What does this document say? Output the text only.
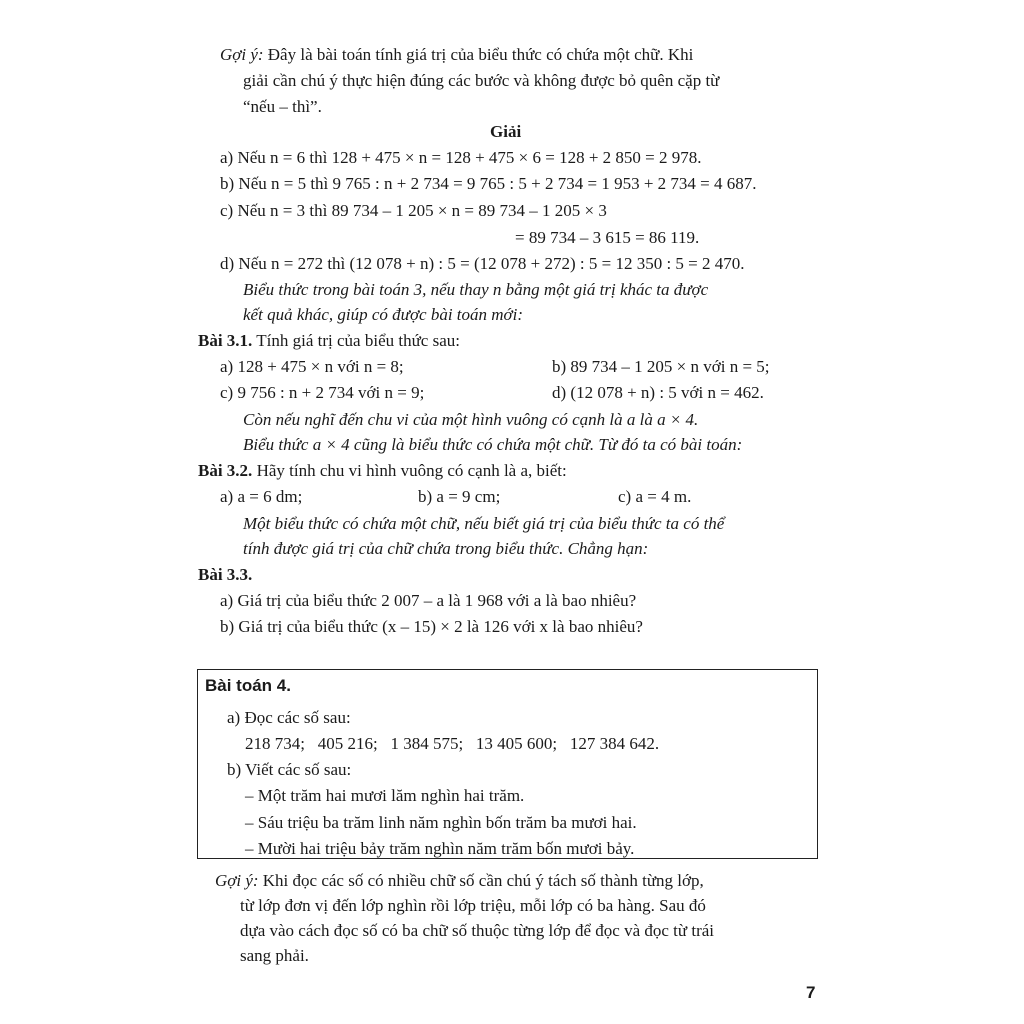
Gợi ý: Đây là bài toán tính giá trị của biểu thức có chứa một chữ. Khi
giải cần chú ý thực hiện đúng các bước và không được bỏ quên cặp từ
“nếu – thì”.
Giải
a) Nếu n = 6 thì 128 + 475 × n = 128 + 475 × 6 = 128 + 2 850 = 2 978.
b) Nếu n = 5 thì 9 765 : n + 2 734 = 9 765 : 5 + 2 734 = 1 953 + 2 734 = 4 687.
c) Nếu n = 3 thì 89 734 – 1 205 × n = 89 734 – 1 205 × 3
= 89 734 – 3 615 = 86 119.
d) Nếu n = 272 thì (12 078 + n) : 5 = (12 078 + 272) : 5 = 12 350 : 5 = 2 470.
Biểu thức trong bài toán 3, nếu thay n bằng một giá trị khác ta được
kết quả khác, giúp có được bài toán mới:
Bài 3.1. Tính giá trị của biểu thức sau:
a) 128 + 475 × n với n = 8;	b) 89 734 – 1 205 × n với n = 5;
c) 9 756 : n + 2 734 với n = 9;	d) (12 078 + n) : 5 với n = 462.
Còn nếu nghĩ đến chu vi của một hình vuông có cạnh là a là a × 4.
Biểu thức a × 4 cũng là biểu thức có chứa một chữ. Từ đó ta có bài toán:
Bài 3.2. Hãy tính chu vi hình vuông có cạnh là a, biết:
a) a = 6 dm;	b) a = 9 cm;	c) a = 4 m.
Một biểu thức có chứa một chữ, nếu biết giá trị của biểu thức ta có thể
tính được giá trị của chữ chứa trong biểu thức. Chẳng hạn:
Bài 3.3.
a) Giá trị của biểu thức 2 007 – a là 1 968 với a là bao nhiêu?
b) Giá trị của biểu thức (x – 15) × 2 là 126 với x là bao nhiêu?
Bài toán 4.
a) Đọc các số sau:
218 734;   405 216;   1 384 575;   13 405 600;   127 384 642.
b) Viết các số sau:
– Một trăm hai mươi lăm nghìn hai trăm.
– Sáu triệu ba trăm linh năm nghìn bốn trăm ba mươi hai.
– Mười hai triệu bảy trăm nghìn năm trăm bốn mươi bảy.
Gợi ý: Khi đọc các số có nhiều chữ số cần chú ý tách số thành từng lớp,
từ lớp đơn vị đến lớp nghìn rồi lớp triệu, mỗi lớp có ba hàng. Sau đó
dựa vào cách đọc số có ba chữ số thuộc từng lớp để đọc và đọc từ trái
sang phải.
7
